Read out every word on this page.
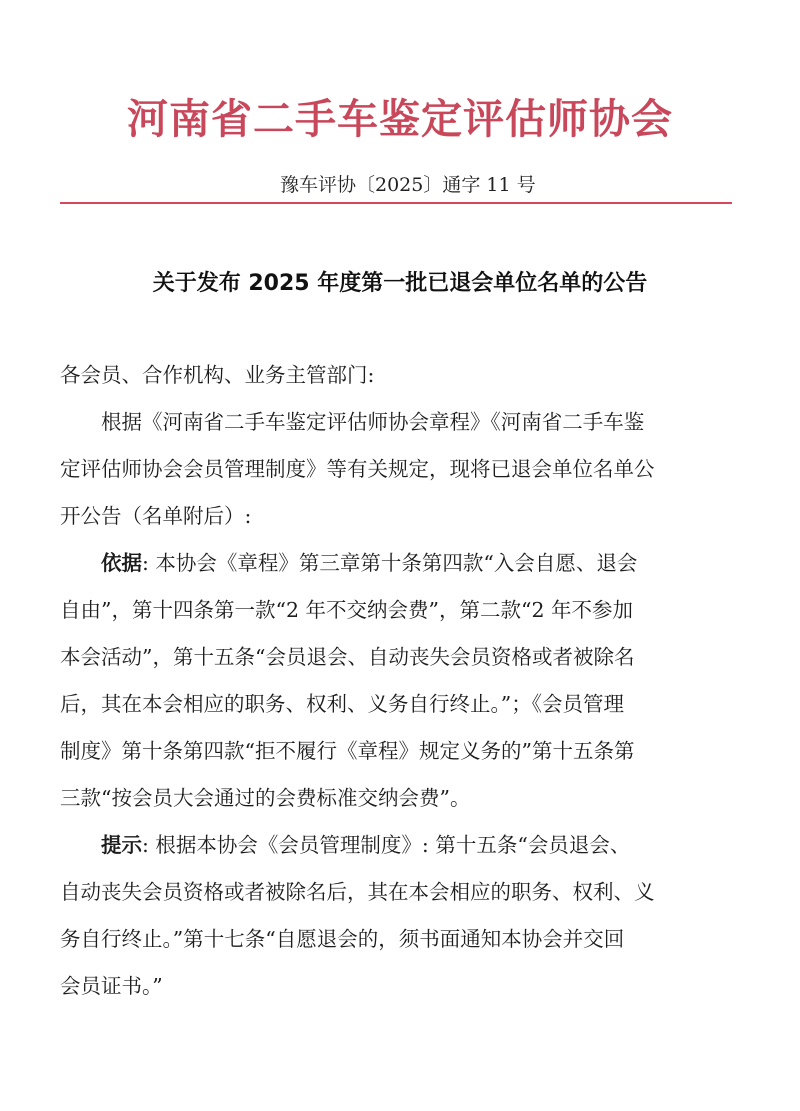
河南省二手车鉴定评估师协会
豫车评协〔2025〕通字 11 号
关于发布 2025 年度第一批已退会单位名单的公告
各会员、合作机构、业务主管部门:
根据《河南省二手车鉴定评估师协会章程》《河南省二手车鉴
定评估师协会会员管理制度》等有关规定，现将已退会单位名单公
开公告（名单附后）:
依据: 本协会《章程》第三章第十条第四款“入会自愿、退会
自由”，第十四条第一款“2 年不交纳会费”，第二款“2 年不参加
本会活动”，第十五条“会员退会、自动丧失会员资格或者被除名
后，其在本会相应的职务、权利、义务自行终止。”；《会员管理
制度》第十条第四款“拒不履行《章程》规定义务的”第十五条第
三款“按会员大会通过的会费标准交纳会费”。
提示: 根据本协会《会员管理制度》: 第十五条“会员退会、
自动丧失会员资格或者被除名后，其在本会相应的职务、权利、义
务自行终止。”第十七条“自愿退会的，须书面通知本协会并交回
会员证书。”
